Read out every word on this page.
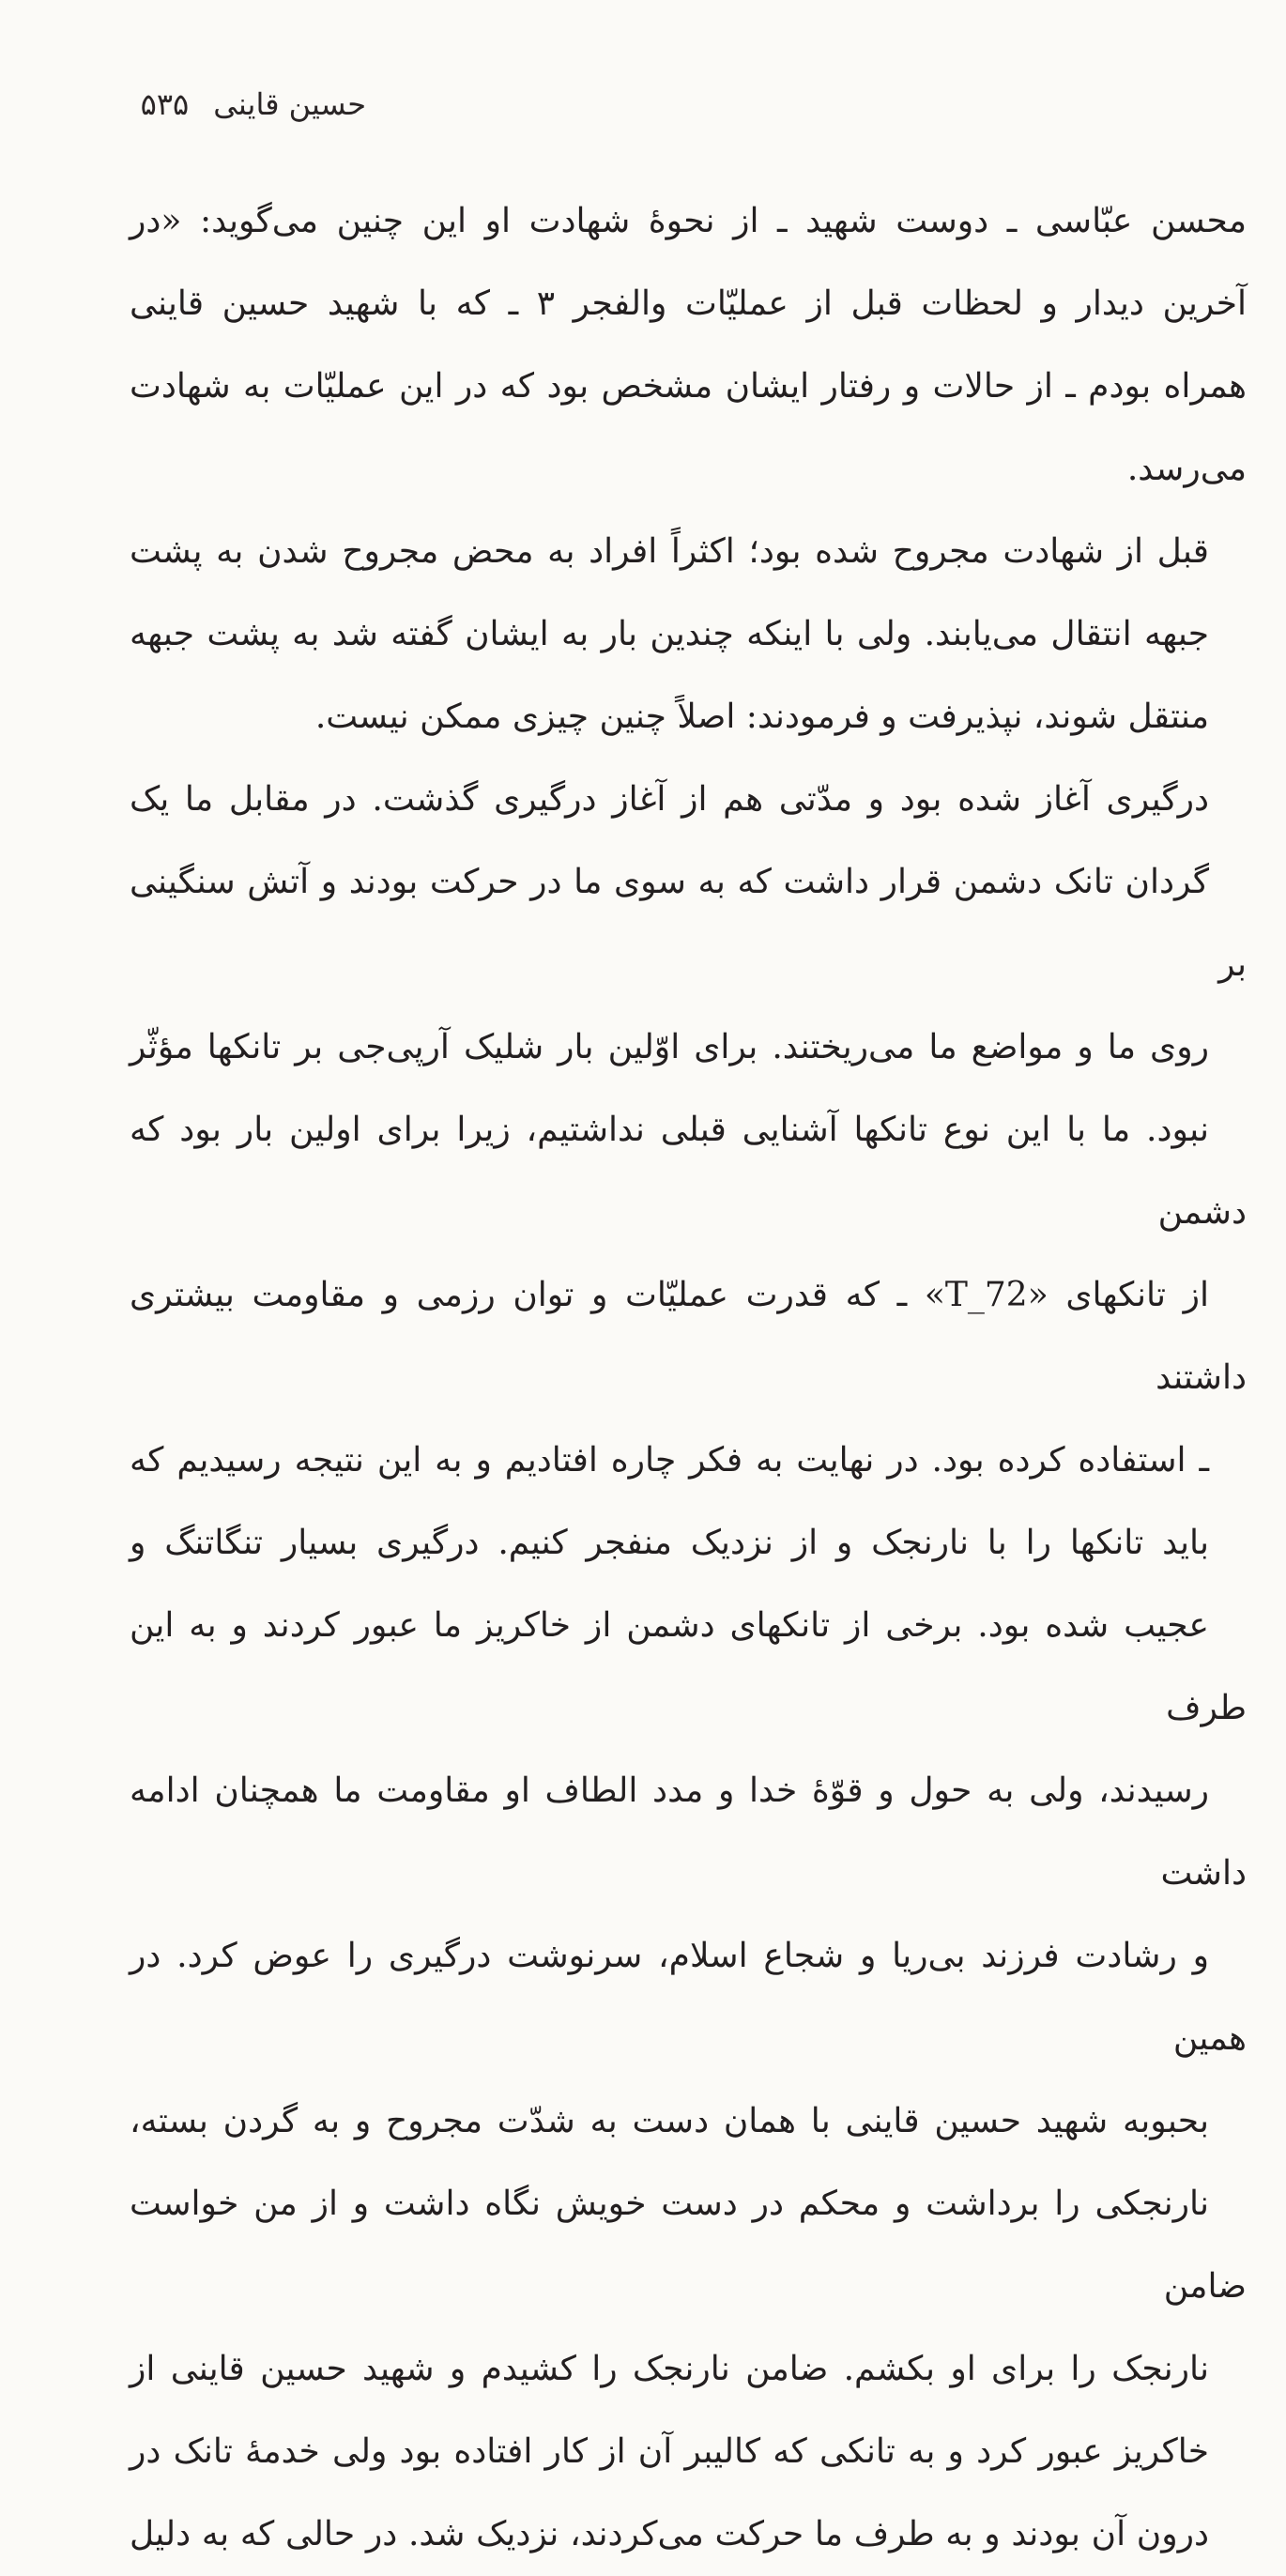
حسین قاینی
۵۳۵

محسن عبّاسی ـ دوست شهید ـ از نحوهٔ شهادت او این چنین می‌گوید: «در
آخرین دیدار و لحظات قبل از عملیّات والفجر ۳ ـ که با شهید حسین قاینی
همراه بودم ـ از حالات و رفتار ایشان مشخص بود که در این عملیّات به شهادت
می‌رسد.

قبل از شهادت مجروح شده بود؛ اکثراً افراد به محض مجروح شدن به پشت
جبهه انتقال می‌یابند. ولی با اینکه چندین بار به ایشان گفته شد به پشت جبهه
منتقل شوند، نپذیرفت و فرمودند: اصلاً چنین چیزی ممکن نیست.

درگیری آغاز شده بود و مدّتی هم از آغاز درگیری گذشت. در مقابل ما یک
گردان تانک دشمن قرار داشت که به سوی ما در حرکت بودند و آتش سنگینی بر
روی ما و مواضع ما می‌ریختند. برای اوّلین بار شلیک آرپی‌جی بر تانکها مؤثّر
نبود. ما با این نوع تانکها آشنایی قبلی نداشتیم، زیرا برای اولین بار بود که دشمن
از تانکهای «T_72» ـ که قدرت عملیّات و توان رزمی و مقاومت بیشتری داشتند
ـ استفاده کرده بود. در نهایت به فکر چاره افتادیم و به این نتیجه رسیدیم که
باید تانکها را با نارنجک و از نزدیک منفجر کنیم. درگیری بسیار تنگاتنگ و
عجیب شده بود. برخی از تانکهای دشمن از خاکریز ما عبور کردند و به این طرف
رسیدند، ولی به حول و قوّهٔ خدا و مدد الطاف او مقاومت ما همچنان ادامه داشت
و رشادت فرزند بی‌ریا و شجاع اسلام، سرنوشت درگیری را عوض کرد. در همین
بحبوبه شهید حسین قاینی با همان دست به شدّت مجروح و به گردن بسته،
نارنجکی را برداشت و محکم در دست خویش نگاه داشت و از من خواست ضامن
نارنجک را برای او بکشم. ضامن نارنجک را کشیدم و شهید حسین قاینی از
خاکریز عبور کرد و به تانکی که کالیبر آن از کار افتاده بود ولی خدمهٔ تانک در
درون آن بودند و به طرف ما حرکت می‌کردند، نزدیک شد. در حالی که به دلیل
